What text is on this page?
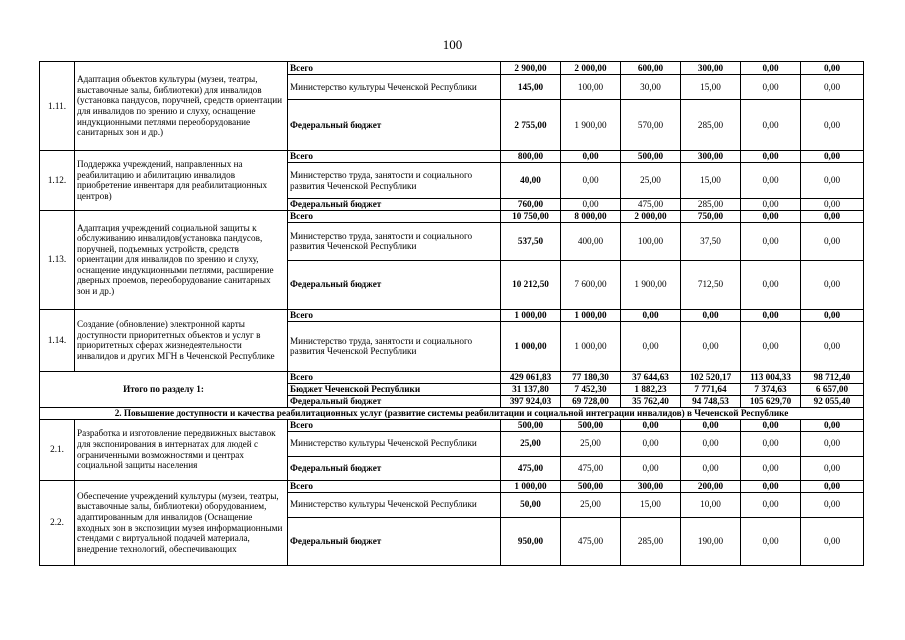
100
1.11.	Адаптация объектов культуры (музеи, театры, выставочные залы, библиотеки) для инвалидов (установка пандусов, поручней, средств ориентации для инвалидов по зрению и слуху, оснащение индукционными петлями переоборудование санитарных зон и др.)	Всего	2 900,00	2 000,00	600,00	300,00	0,00	0,00
		Министерство культуры Чеченской Республики	145,00	100,00	30,00	15,00	0,00	0,00
		Федеральный бюджет	2 755,00	1 900,00	570,00	285,00	0,00	0,00
1.12.	Поддержка учреждений, направленных на реабилитацию и абилитацию инвалидов приобретение инвентаря для реабилитационных центров)	Всего	800,00	0,00	500,00	300,00	0,00	0,00
		Министерство труда, занятости и социального развития Чеченской Республики	40,00	0,00	25,00	15,00	0,00	0,00
		Федеральный бюджет	760,00	0,00	475,00	285,00	0,00	0,00
1.13.	Адаптация учреждений социальной защиты к обслуживанию инвалидов(установка пандусов, поручней, подъемных устройств, средств ориентации для инвалидов по зрению и слуху, оснащение индукционными петлями, расширение дверных проемов, переоборудование санитарных зон и др.)	Всего	10 750,00	8 000,00	2 000,00	750,00	0,00	0,00
		Министерство труда, занятости и социального развития Чеченской Республики	537,50	400,00	100,00	37,50	0,00	0,00
		Федеральный бюджет	10 212,50	7 600,00	1 900,00	712,50	0,00	0,00
1.14.	Создание (обновление) электронной карты доступности приоритетных объектов и услуг в приоритетных сферах жизнедеятельности инвалидов и других МГН в Чеченской Республике	Всего	1 000,00	1 000,00	0,00	0,00	0,00	0,00
		Министерство труда, занятости и социального развития Чеченской Республики	1 000,00	1 000,00	0,00	0,00	0,00	0,00
Итого по разделу 1:		Всего	429 061,83	77 180,30	37 644,63	102 520,17	113 004,33	98 712,40
		Бюджет Чеченской Республики	31 137,80	7 452,30	1 882,23	7 771,64	7 374,63	6 657,00
		Федеральный бюджет	397 924,03	69 728,00	35 762,40	94 748,53	105 629,70	92 055,40
2. Повышение доступности и качества реабилитационных услуг (развитие системы реабилитации и социальной интеграции инвалидов) в Чеченской Республике								
2.1.	Разработка и изготовление передвижных выставок для экспонирования в интернатах для людей с ограниченными возможностями и центрах социальной защиты населения	Всего	500,00	500,00	0,00	0,00	0,00	0,00
		Министерство культуры Чеченской Республики	25,00	25,00	0,00	0,00	0,00	0,00
		Федеральный бюджет	475,00	475,00	0,00	0,00	0,00	0,00
2.2.	Обеспечение учреждений культуры (музеи, театры, выставочные залы, библиотеки) оборудованием, адаптированным для инвалидов (Оснащение входных зон в экспозиции музея информационными стендами с виртуальной подачей материала, внедрение технологий, обеспечивающих	Всего	1 000,00	500,00	300,00	200,00	0,00	0,00
		Министерство культуры Чеченской Республики	50,00	25,00	15,00	10,00	0,00	0,00
		Федеральный бюджет	950,00	475,00	285,00	190,00	0,00	0,00
